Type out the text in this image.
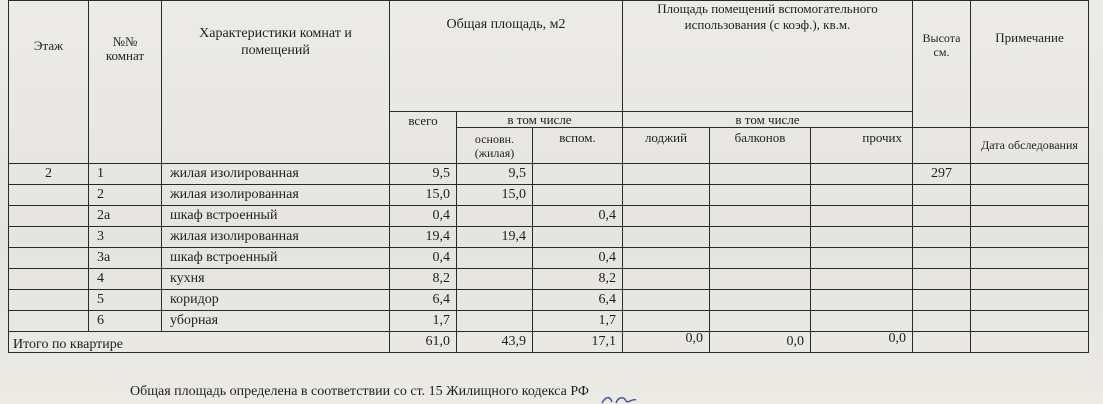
Этаж	№№ комнат	Характеристики комнат и помещений	Общая площадь, м2			Площадь помещений вспомогательного использования (с коэф.), кв.м.			Высота см.	Примечание
			всего	в том числе		в том числе				
				основн. (жилая)	вспом.	лоджий	балконов	прочих		Дата обследования
2	1	жилая изолированная	9,5	9,5					297	
	2	жилая изолированная	15,0	15,0						
	2а	шкаф встроенный	0,4		0,4					
	3	жилая изолированная	19,4	19,4						
	3а	шкаф встроенный	0,4		0,4					
	4	кухня	8,2		8,2					
	5	коридор	6,4		6,4					
	6	уборная	1,7		1,7					
Итого по квартире			61,0	43,9	17,1	0,0	0,0	0,0		
Общая площадь определена в соответствии со ст. 15 Жилищного кодекса РФ
